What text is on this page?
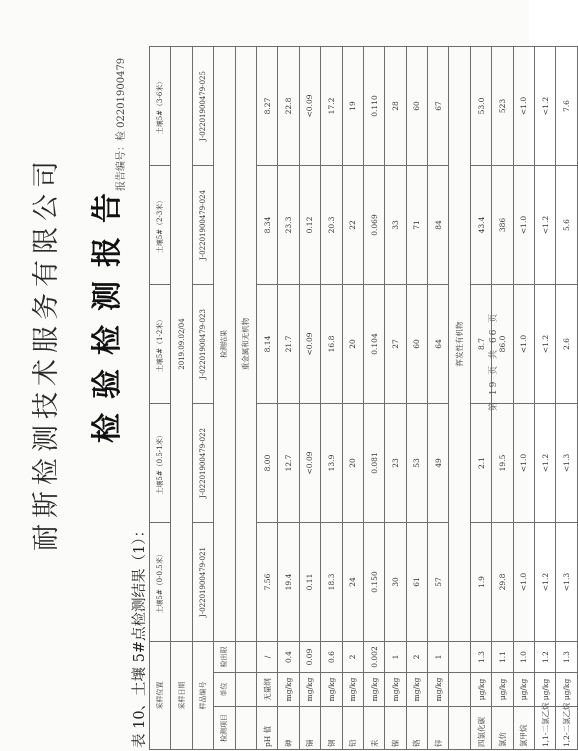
耐斯检测技术服务有限公司 检验检测报告
报告编号：检 02201900479
表 10、土壤 5#点检测结果（1）： 采样位置			土壤5#（0-0.5米）	土壤5#（0.5-1米）	土壤5#（1-2米）	土壤5#（2-3米）	土壤5#（3-6米）
采样日期			2019.09.02/04				
样品编号			J-02201900479-021	J-02201900479-022	J-02201900479-023	J-02201900479-024	J-02201900479-025
检测项目	单位	检出限	检测结果				
			重金属和无机物				
pH 值	无量纲	/	7.56	8.00	8.14	8.34	8.27
砷	mg/kg	0.4	19.4	12.7	21.7	23.3	22.8
镉	mg/kg	0.09	0.11	<0.09	<0.09	0.12	<0.09
铜	mg/kg	0.6	18.3	13.9	16.8	20.3	17.2
铅	mg/kg	2	24	20	20	22	19
汞	mg/kg	0.002	0.150	0.081	0.104	0.069	0.110
镍	mg/kg	1	30	23	27	33	28
铬	mg/kg	2	61	53	60	71	60
锌	mg/kg	1	57	49	64	84	67
			挥发性有机物				
四氯化碳	μg/kg	1.3	1.9	2.1	8.7	43.4	53.0
氯仿	μg/kg	1.1	29.8	19.5	86.0	386	523
氯甲烷	μg/kg	1.0	<1.0	<1.0	<1.0	<1.0	<1.0
1,1-二氯乙烷	μg/kg	1.2	<1.2	<1.2	<1.2	<1.2	<1.2
1,2-二氯乙烷	μg/kg	1.3	<1.3	<1.3	2.6	5.6	7.6
第 19 页 共 66 页
